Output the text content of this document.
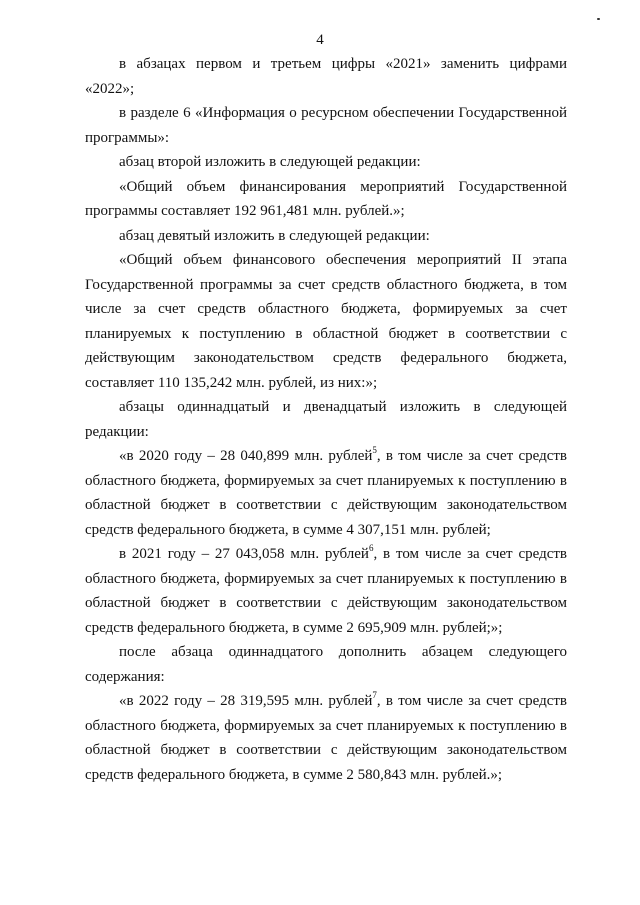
4
в абзацах первом и третьем цифры «2021» заменить цифрами
«2022»;
в разделе 6 «Информация о ресурсном обеспечении Государственной
программы»:
абзац второй изложить в следующей редакции:
«Общий объем финансирования мероприятий Государственной
программы составляет 192 961,481 млн. рублей.»;
абзац девятый изложить в следующей редакции:
«Общий объем финансового обеспечения мероприятий II этапа
Государственной программы за счет средств областного бюджета, в том
числе за счет средств областного бюджета, формируемых за счет
планируемых к поступлению в областной бюджет в соответствии с
действующим законодательством средств федерального бюджета,
составляет 110 135,242 млн. рублей, из них:»;
абзацы одиннадцатый и двенадцатый изложить в следующей
редакции:
«в 2020 году – 28 040,899 млн. рублей$^5$, в том числе за счет средств
областного бюджета, формируемых за счет планируемых к поступлению в
областной бюджет в соответствии с действующим законодательством
средств федерального бюджета, в сумме 4 307,151 млн. рублей;
в 2021 году – 27 043,058 млн. рублей$^6$, в том числе за счет средств
областного бюджета, формируемых за счет планируемых к поступлению в
областной бюджет в соответствии с действующим законодательством
средств федерального бюджета, в сумме 2 695,909 млн. рублей;»;
после абзаца одиннадцатого дополнить абзацем следующего
содержания:
«в 2022 году – 28 319,595 млн. рублей$^7$, в том числе за счет средств
областного бюджета, формируемых за счет планируемых к поступлению в
областной бюджет в соответствии с действующим законодательством
средств федерального бюджета, в сумме 2 580,843 млн. рублей.»;
